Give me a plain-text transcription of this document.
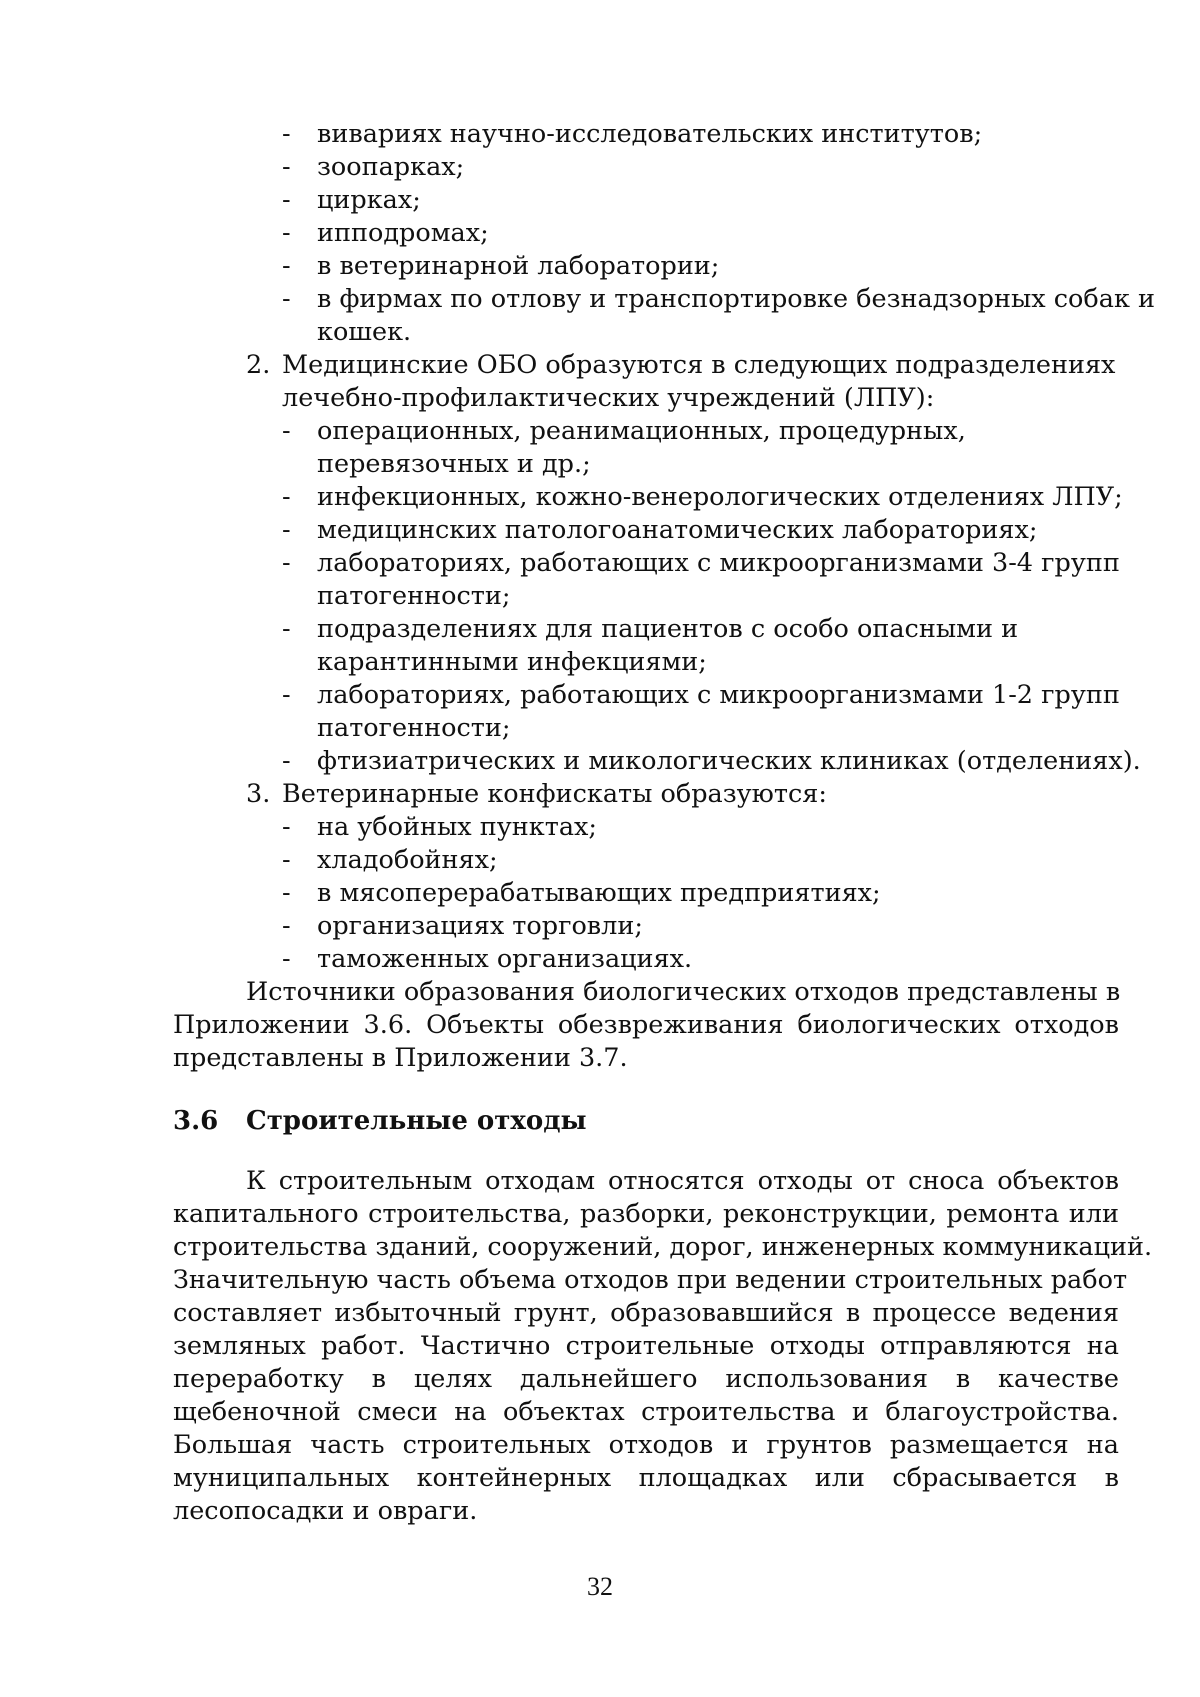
- вивариях научно-исследовательских институтов;
- зоопарках;
- цирках;
- ипподромах;
- в ветеринарной лаборатории;
- в фирмах по отлову и транспортировке безнадзорных собак и
кошек.
2. Медицинские ОБО образуются в следующих подразделениях
лечебно-профилактических учреждений (ЛПУ):
- операционных, реанимационных, процедурных,
перевязочных и др.;
- инфекционных, кожно-венерологических отделениях ЛПУ;
- медицинских патологоанатомических лабораториях;
- лабораториях, работающих с микроорганизмами 3-4 групп
патогенности;
- подразделениях для пациентов с особо опасными и
карантинными инфекциями;
- лабораториях, работающих с микроорганизмами 1-2 групп
патогенности;
- фтизиатрических и микологических клиниках (отделениях).
3. Ветеринарные конфискаты образуются:
- на убойных пунктах;
- хладобойнях;
- в мясоперерабатывающих предприятиях;
- организациях торговли;
- таможенных организациях.
Источники образования биологических отходов представлены в
Приложении 3.6. Объекты обезвреживания биологических отходов
представлены в Приложении 3.7.
3.6 Строительные отходы
К строительным отходам относятся отходы от сноса объектов
капитального строительства, разборки, реконструкции, ремонта или
строительства зданий, сооружений, дорог, инженерных коммуникаций.
Значительную часть объема отходов при ведении строительных работ
составляет избыточный грунт, образовавшийся в процессе ведения
земляных работ. Частично строительные отходы отправляются на
переработку в целях дальнейшего использования в качестве
щебеночной смеси на объектах строительства и благоустройства.
Большая часть строительных отходов и грунтов размещается на
муниципальных контейнерных площадках или сбрасывается в
лесопосадки и овраги.
32
